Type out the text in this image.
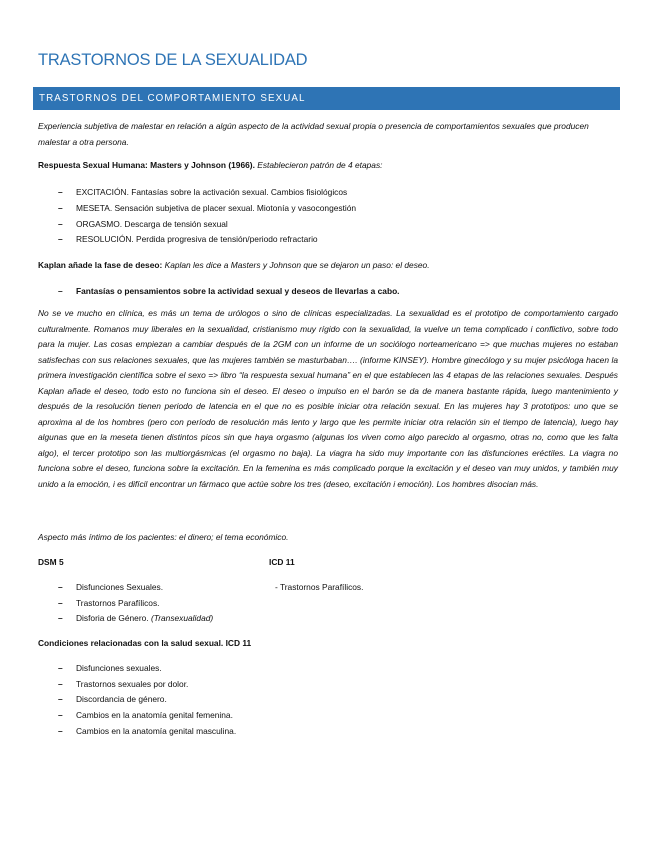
TRASTORNOS DE LA SEXUALIDAD
TRASTORNOS DEL COMPORTAMIENTO SEXUAL
Experiencia subjetiva de malestar en relación a algún aspecto de la actividad sexual propia o presencia de comportamientos sexuales que producen malestar a otra persona.
Respuesta Sexual Humana: Masters y Johnson (1966). Establecieron patrón de 4 etapas:
– EXCITACIÓN. Fantasías sobre la activación sexual. Cambios fisiológicos
– MESETA. Sensación subjetiva de placer sexual. Miotonía y vasocongestión
– ORGASMO. Descarga de tensión sexual
– RESOLUCIÓN. Perdida progresiva de tensión/periodo refractario
Kaplan añade la fase de deseo: Kaplan les dice a Masters y Johnson que se dejaron un paso: el deseo.
– Fantasías o pensamientos sobre la actividad sexual y deseos de llevarlas a cabo.
No se ve mucho en clínica, es más un tema de urólogos o sino de clínicas especializadas. La sexualidad es el prototipo de comportamiento cargado culturalmente. Romanos muy liberales en la sexualidad, cristianismo muy rígido con la sexualidad, la vuelve un tema complicado i conflictivo, sobre todo para la mujer. Las cosas empiezan a cambiar después de la 2GM con un informe de un sociólogo norteamericano => que muchas mujeres no estaban satisfechas con sus relaciones sexuales, que las mujeres también se masturbaban…. (informe KINSEY). Hombre ginecólogo y su mujer psicóloga hacen la primera investigación científica sobre el sexo => libro “la respuesta sexual humana” en el que establecen las 4 etapas de las relaciones sexuales. Después Kaplan añade el deseo, todo esto no funciona sin el deseo. El deseo o impulso en el barón se da de manera bastante rápida, luego mantenimiento y después de la resolución tienen periodo de latencia en el que no es posible iniciar otra relación sexual. En las mujeres hay 3 prototipos: uno que se aproxima al de los hombres (pero con período de resolución más lento y largo que les permite iniciar otra relación sin el tiempo de latencia), luego hay algunas que en la meseta tienen distintos picos sin que haya orgasmo (algunas los viven como algo parecido al orgasmo, otras no, como que les falta algo), el tercer prototipo son las multiorgásmicas (el orgasmo no baja). La viagra ha sido muy importante con las disfunciones eréctiles. La viagra no funciona sobre el deseo, funciona sobre la excitación. En la femenina es más complicado porque la excitación y el deseo van muy unidos, y también muy unido a la emoción, i es difícil encontrar un fármaco que actúe sobre los tres (deseo, excitación i emoción). Los hombres disocian más.
Aspecto más íntimo de los pacientes: el dinero; el tema económico.
DSM 5	ICD 11
– Disfunciones Sexuales.	- Trastornos Parafílicos.
– Trastornos Parafílicos.
– Disforia de Género. (Transexualidad)
Condiciones relacionadas con la salud sexual. ICD 11
– Disfunciones sexuales.
– Trastornos sexuales por dolor.
– Discordancia de género.
– Cambios en la anatomía genital femenina.
– Cambios en la anatomía genital masculina.
